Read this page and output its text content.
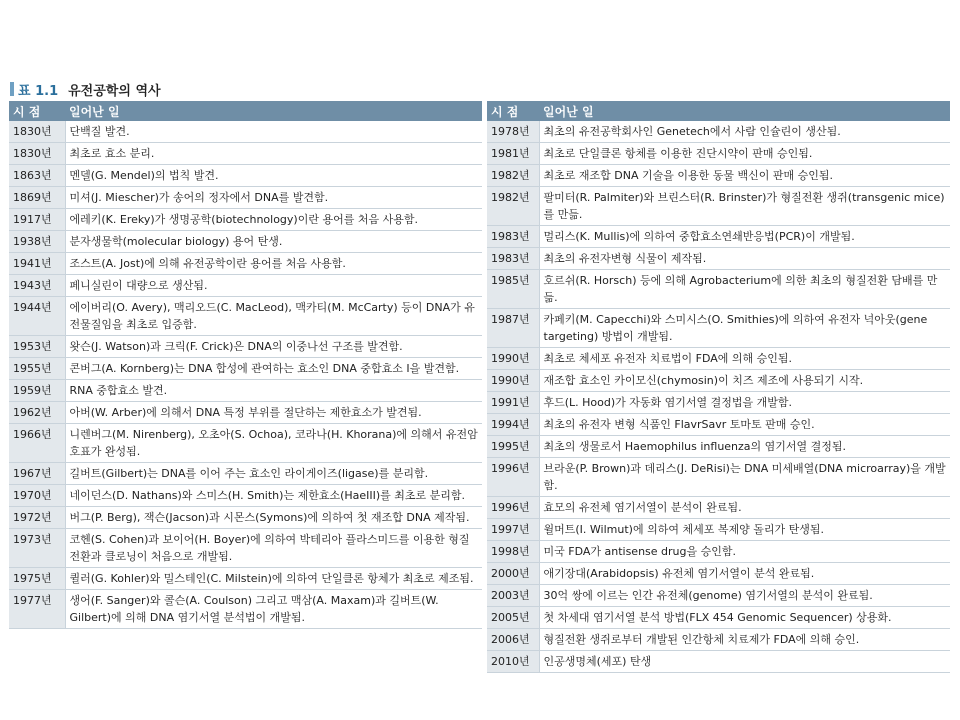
표 1.1 유전공학의 역사
시 점	일어난 일
1830년	단백질 발견.
1830년	최초로 효소 분리.
1863년	멘델(G. Mendel)의 법칙 발견.
1869년	미셔(J. Miescher)가 송어의 정자에서 DNA를 발견함.
1917년	에레키(K. Ereky)가 생명공학(biotechnology)이란 용어를 처음 사용함.
1938년	분자생물학(molecular biology) 용어 탄생.
1941년	조스트(A. Jost)에 의해 유전공학이란 용어를 처음 사용함.
1943년	페니실린이 대량으로 생산됨.
1944년	에이버리(O. Avery), 맥리오드(C. MacLeod), 맥카티(M. McCarty) 등이 DNA가 유전물질임을 최초로 입증함.
1953년	왓슨(J. Watson)과 크릭(F. Crick)은 DNA의 이중나선 구조를 발견함.
1955년	콘버그(A. Kornberg)는 DNA 합성에 관여하는 효소인 DNA 중합효소 I을 발견함.
1959년	RNA 중합효소 발견.
1962년	아버(W. Arber)에 의해서 DNA 특정 부위를 절단하는 제한효소가 발견됨.
1966년	니렌버그(M. Nirenberg), 오초아(S. Ochoa), 코라나(H. Khorana)에 의해서 유전암호표가 완성됨.
1967년	길버트(Gilbert)는 DNA를 이어 주는 효소인 라이게이즈(ligase)를 분리함.
1970년	네이던스(D. Nathans)와 스미스(H. Smith)는 제한효소(HaeIII)를 최초로 분리함.
1972년	버그(P. Berg), 잭슨(Jacson)과 시몬스(Symons)에 의하여 첫 재조합 DNA 제작됨.
1973년	코헨(S. Cohen)과 보이어(H. Boyer)에 의하여 박테리아 플라스미드를 이용한 형질전환과 클로닝이 처음으로 개발됨.
1975년	퀼러(G. Kohler)와 밀스테인(C. Milstein)에 의하여 단일클론 항체가 최초로 제조됨.
1977년	생어(F. Sanger)와 콜슨(A. Coulson) 그리고 맥삼(A. Maxam)과 길버트(W. Gilbert)에 의해 DNA 염기서열 분석법이 개발됨.
시 점	일어난 일
1978년	최초의 유전공학회사인 Genetech에서 사람 인슐린이 생산됨.
1981년	최초로 단일클론 항체를 이용한 진단시약이 판매 승인됨.
1982년	최초로 재조합 DNA 기술을 이용한 동물 백신이 판매 승인됨.
1982년	팔미터(R. Palmiter)와 브린스터(R. Brinster)가 형질전환 생쥐(transgenic mice)를 만듦.
1983년	멀리스(K. Mullis)에 의하여 중합효소연쇄반응법(PCR)이 개발됨.
1983년	최초의 유전자변형 식물이 제작됨.
1985년	호르쉬(R. Horsch) 등에 의해 Agrobacterium에 의한 최초의 형질전환 담배를 만듦.
1987년	카페키(M. Capecchi)와 스미시스(O. Smithies)에 의하여 유전자 넉아웃(gene targeting) 방법이 개발됨.
1990년	최초로 체세포 유전자 치료법이 FDA에 의해 승인됨.
1990년	재조합 효소인 카이모신(chymosin)이 치즈 제조에 사용되기 시작.
1991년	후드(L. Hood)가 자동화 염기서열 결정법을 개발함.
1994년	최초의 유전자 변형 식품인 FlavrSavr 토마토 판매 승인.
1995년	최초의 생물로서 Haemophilus influenza의 염기서열 결정됨.
1996년	브라운(P. Brown)과 데리스(J. DeRisi)는 DNA 미세배열(DNA microarray)을 개발함.
1996년	효모의 유전체 염기서열이 분석이 완료됨.
1997년	윌머트(I. Wilmut)에 의하여 체세포 복제양 돌리가 탄생됨.
1998년	미국 FDA가 antisense drug을 승인함.
2000년	애기장대(Arabidopsis) 유전체 염기서열이 분석 완료됨.
2003년	30억 쌍에 이르는 인간 유전체(genome) 염기서열의 분석이 완료됨.
2005년	첫 차세대 염기서열 분석 방법(FLX 454 Genomic Sequencer) 상용화.
2006년	형질전환 생쥐로부터 개발된 인간항체 치료제가 FDA에 의해 승인.
2010년	인공생명체(세포) 탄생
